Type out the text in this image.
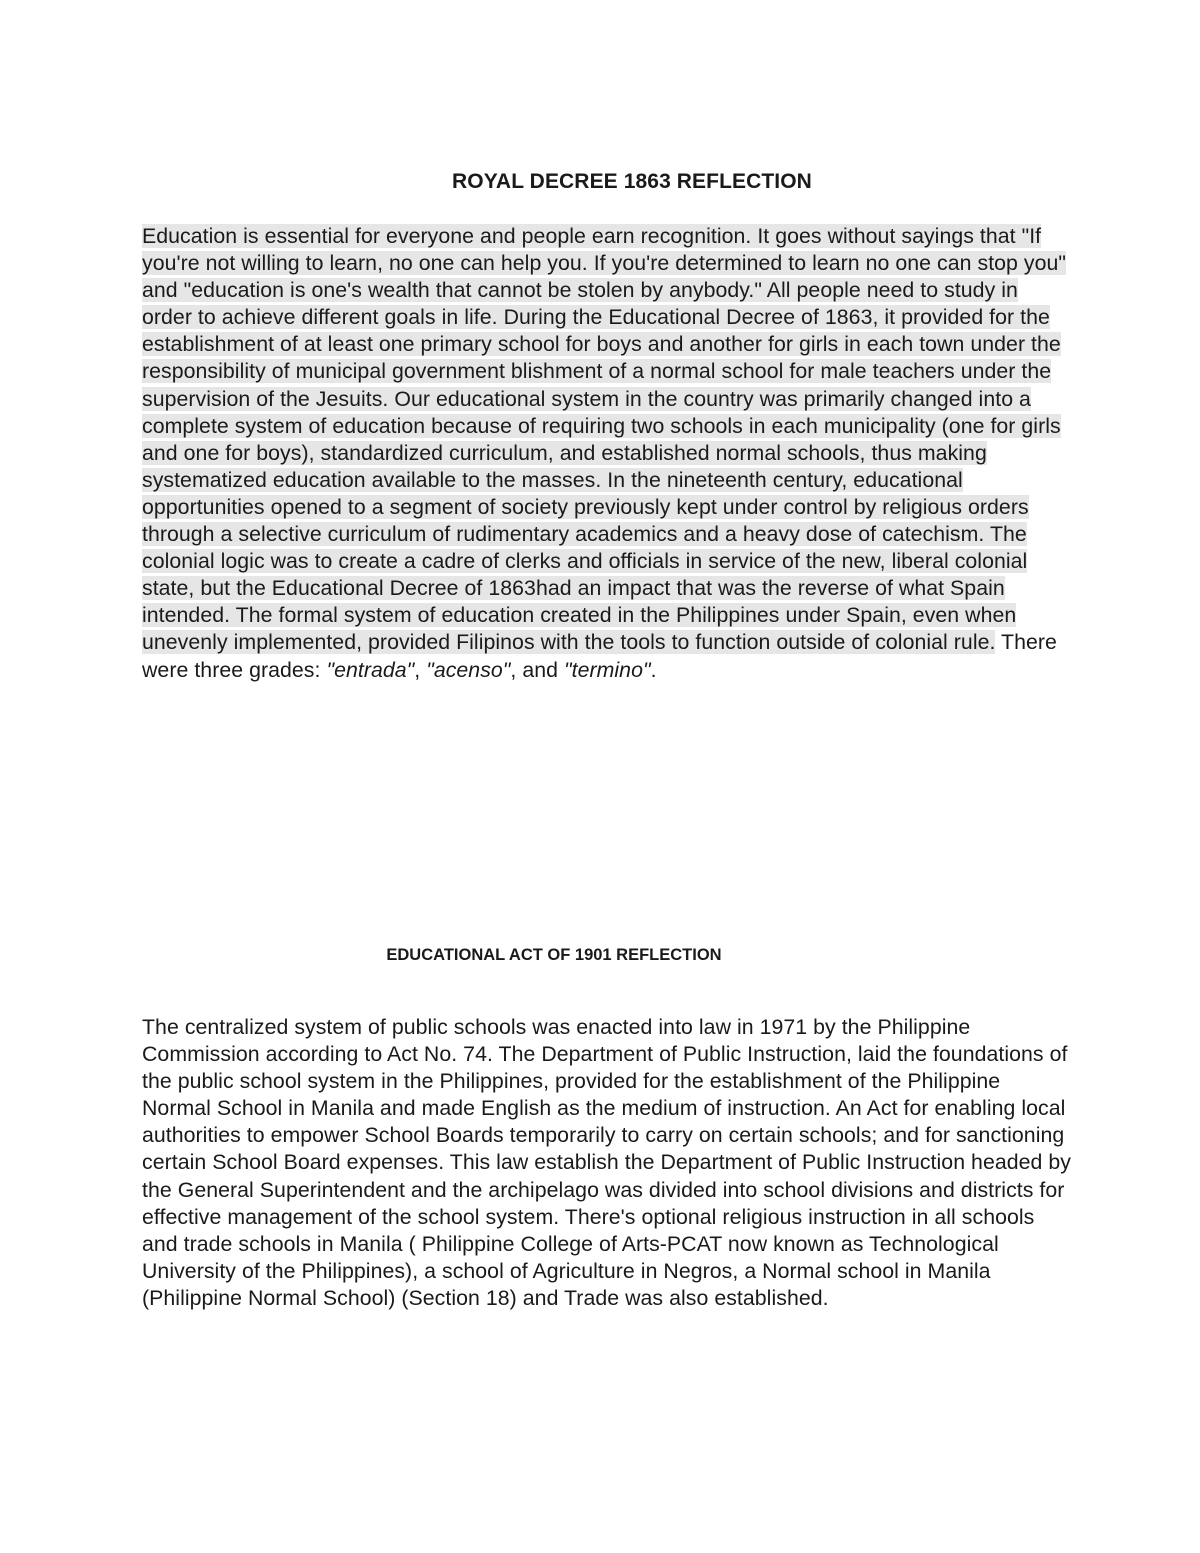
ROYAL DECREE 1863 REFLECTION
Education is essential for everyone and people earn recognition. It goes without sayings that "If you're not willing to learn, no one can help you. If you're determined to learn no one can stop you" and "education is one's wealth that cannot be stolen by anybody." All people need to study in order to achieve different goals in life. During the Educational Decree of 1863, it provided for the establishment of at least one primary school for boys and another for girls in each town under the responsibility of municipal government blishment of a normal school for male teachers under the supervision of the Jesuits. Our educational system in the country was primarily changed into a complete system of education because of requiring two schools in each municipality (one for girls and one for boys), standardized curriculum, and established normal schools, thus making systematized education available to the masses. In the nineteenth century, educational opportunities opened to a segment of society previously kept under control by religious orders through a selective curriculum of rudimentary academics and a heavy dose of catechism. The colonial logic was to create a cadre of clerks and officials in service of the new, liberal colonial state, but the Educational Decree of 1863had an impact that was the reverse of what Spain intended. The formal system of education created in the Philippines under Spain, even when unevenly implemented, provided Filipinos with the tools to function outside of colonial rule. There were three grades: "entrada", "acenso", and "termino".
EDUCATIONAL ACT OF 1901 REFLECTION
The centralized system of public schools was enacted into law in 1971 by the Philippine Commission according to Act No. 74. The Department of Public Instruction, laid the foundations of the public school system in the Philippines, provided for the establishment of the Philippine Normal School in Manila and made English as the medium of instruction. An Act for enabling local authorities to empower School Boards temporarily to carry on certain schools; and for sanctioning certain School Board expenses. This law establish the Department of Public Instruction headed by the General Superintendent and the archipelago was divided into school divisions and districts for effective management of the school system. There's optional religious instruction in all schools and trade schools in Manila ( Philippine College of Arts-PCAT now known as Technological University of the Philippines), a school of Agriculture in Negros, a Normal school in Manila (Philippine Normal School) (Section 18) and Trade was also established.
